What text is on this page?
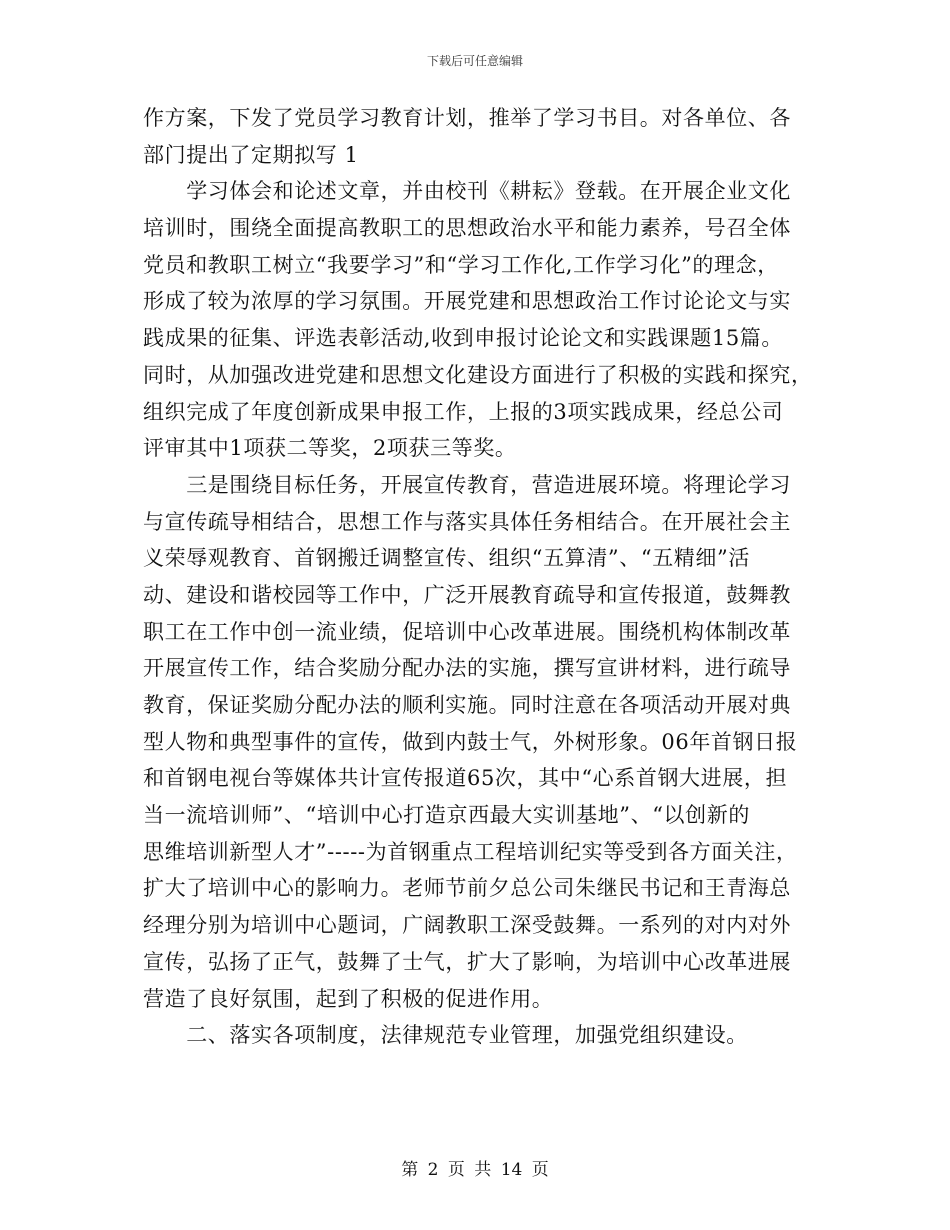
下载后可任意编辑
作方案，下发了党员学习教育计划，推举了学习书目。对各单位、各
部门提出了定期拟写 1
　　学习体会和论述文章，并由校刊《耕耘》登载。在开展企业文化
培训时，围绕全面提高教职工的思想政治水平和能力素养，号召全体
党员和教职工树立“我要学习”和“学习工作化,工作学习化”的理念，
形成了较为浓厚的学习氛围。开展党建和思想政治工作讨论论文与实
践成果的征集、评选表彰活动,收到申报讨论论文和实践课题15篇。
同时，从加强改进党建和思想文化建设方面进行了积极的实践和探究，
组织完成了年度创新成果申报工作，上报的3项实践成果，经总公司
评审其中1项获二等奖，2项获三等奖。
　　三是围绕目标任务，开展宣传教育，营造进展环境。将理论学习
与宣传疏导相结合，思想工作与落实具体任务相结合。在开展社会主
义荣辱观教育、首钢搬迁调整宣传、组织“五算清”、“五精细”活
动、建设和谐校园等工作中，广泛开展教育疏导和宣传报道，鼓舞教
职工在工作中创一流业绩，促培训中心改革进展。围绕机构体制改革
开展宣传工作，结合奖励分配办法的实施，撰写宣讲材料，进行疏导
教育，保证奖励分配办法的顺利实施。同时注意在各项活动开展对典
型人物和典型事件的宣传，做到内鼓士气，外树形象。06年首钢日报
和首钢电视台等媒体共计宣传报道65次，其中“心系首钢大进展，担
当一流培训师”、“培训中心打造京西最大实训基地”、“以创新的
思维培训新型人才”-----为首钢重点工程培训纪实等受到各方面关注，
扩大了培训中心的影响力。老师节前夕总公司朱继民书记和王青海总
经理分别为培训中心题词，广阔教职工深受鼓舞。一系列的对内对外
宣传，弘扬了正气，鼓舞了士气，扩大了影响，为培训中心改革进展
营造了良好氛围，起到了积极的促进作用。
　　二、落实各项制度，法律规范专业管理，加强党组织建设。
第 2 页 共 14 页
